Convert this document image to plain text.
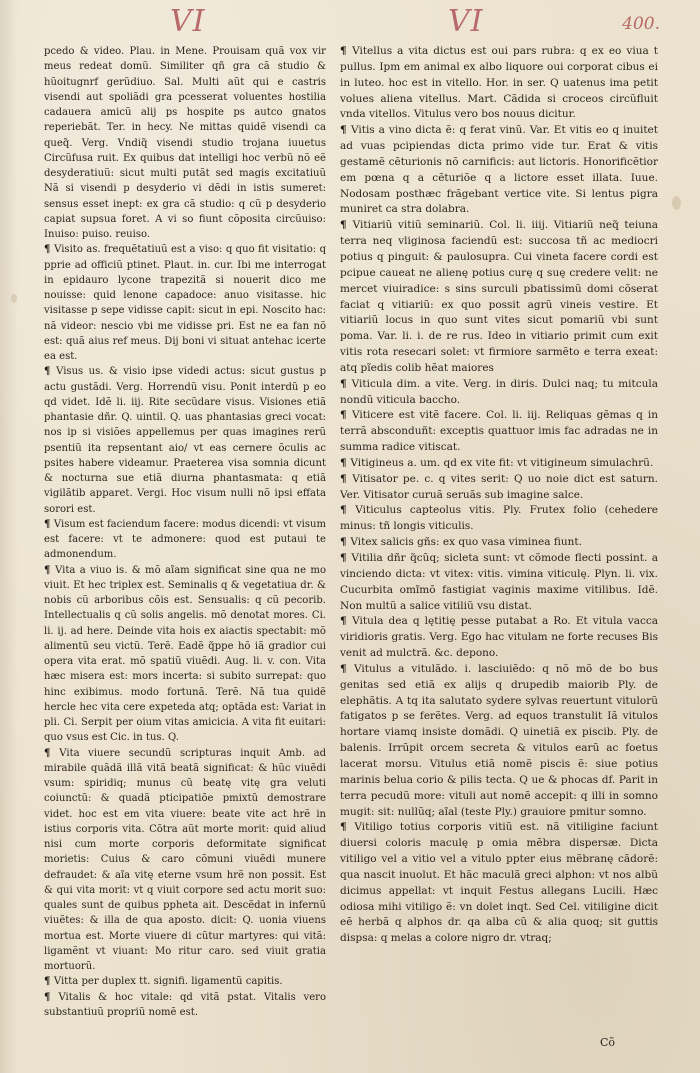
VI	VI	400.

pcedo & video. Plau. in Mene. Prouisam quã vox vir meus redeat domũ. Similiter qñ gra cã studio & hũoitugnrf gerũdiuo. Sal. Multi aũt qui e castris visendi aut spoliãdi gra pcesserat voluentes hostilia cadauera amicũ alij ps hospite ps autco gnatos reperiebãt. Ter. in hecy. Ne mittas quidẽ visendi ca queq̃. Verg. Vndiq̃ visendi studio trojana iuuetus Circũfusa ruit. Ex quibus dat intelligi hoc verbũ nõ eẽ desyderatiuũ: sicut multi putãt sed magis excitatiuũ Nã si visendi p desyderio vi dẽdi in istis sumeret: sensus esset inept: ex gra cã studio: q cũ p desyderio capiat supsua foret. A vi so fiunt cõposita circũuiso: Inuiso: puiso. reuiso.

¶ Visito as. frequẽtatiuũ est a viso: q quo fit visitatio: q pprie ad officiũ ptinet. Plaut. in. cur. Ibi me interrogat in epidauro lycone trapezitã si nouerit dico me nouisse: quid lenone capadoce: anuo visitasse. hic visitasse p sepe vidisse capit: sicut in epi. Noscito hac: nã videor: nescio vbi me vidisse pri. Est ne ea fan nõ est: quã aius ref meus. Dij boni vi situat antehac icerte ea est.

¶ Visus us. & visio ipse videdi actus: sicut gustus p actu gustãdi. Verg. Horrendũ visu. Ponit interdũ p eo qd videt. Idẽ li. iij. Rite secũdare visus. Visiones etiã phantasie dñr. Q. uintil. Q. uas phantasias greci vocat: nos ip si visiões appellemus per quas imagines rerũ psentiũ ita repsentant aio/ vt eas cernere õculis ac psites habere videamur. Praeterea visa somnia dicunt & nocturna sue etiã diurna phantasmata: q etiã vigilãtib apparet. Vergi. Hoc visum nulli nõ ipsi effata sorori est.

¶ Visum est faciendum facere: modus dicendi: vt visum est facere: vt te admonere: quod est putaui te admonendum.

¶ Vita a viuo is. & mõ aĩam significat sine qua ne mo viuit. Et hec triplex est. Seminalis q & vegetatiua dr. & nobis cũ arboribus cõis est. Sensualis: q cũ pecorib. Intellectualis q cũ solis angelis. mõ denotat mores. Ci. li. ij. ad here. Deinde vita hois ex aiactis spectabit: mõ alimentũ seu victũ. Terẽ. Eadẽ q̃ppe hõ iã gradior cui opera vita erat. mõ spatiũ viuẽdi. Aug. li. v. con. Vita hæc misera est: mors incerta: si subito surrepat: quo hinc exibimus. modo fortunã. Terẽ. Nã tua quidẽ hercle hec vita cere expeteda atq; optãda est: Variat in pli. Ci. Serpit per oium vitas amicicia. A vita fit euitari: quo vsus est Cic. in tus. Q.

¶ Vita viuere secundũ scripturas inquit Amb. ad mirabile quãdã illã vitã beatã significat: & hũc viuẽdi vsum: spiridiq; munus cũ beatę vitę gra veluti coiunctũ: & quadã pticipatiõe pmixtũ demostrare videt. hoc est em vita viuere: beate vite act hrẽ in istius corporis vita. Cõtra aũt morte morit: quid aliud nisi cum morte corporis deformitate significat morietis: Cuius & caro cõmuni viuẽdi munere defraudet: & aĩa vitę eterne vsum hrẽ non possit. Est & qui vita morit: vt q viuit corpore sed actu morit suo: quales sunt de quibus ppheta ait. Descẽdat in infernũ viuẽtes: & illa de qua aposto. dicit: Q. uonia viuens mortua est. Morte viuere di cũtur martyres: qui vitã: ligamẽnt vt viuant: Mo ritur caro. sed viuit gratia mortuorũ.

¶ Vitta per duplex tt. signifi. ligamentũ capitis.

¶ Vitalis & hoc vitale: qd vitã pstat. Vitalis vero substantiuũ propriũ nomẽ est.

¶ Vitellus a vita dictus est oui pars rubra: q ex eo viua t pullus. Ipm em animal ex albo liquore oui corporat cibus ei in luteo. hoc est in vitello. Hor. in ser. Q uatenus ima petit volues aliena vitellus. Mart. Cãdida si croceos circũfluit vnda vitellos. Vitulus vero bos nouus dicitur.

¶ Vitis a vino dicta ẽ: q ferat vinũ. Var. Et vitis eo q inuitet ad vuas pcipiendas dicta primo vide tur. Erat & vitis gestamẽ cẽturionis nõ carnificis: aut lictoris. Honorificẽtior em pœna q a cẽturiõe q a lictore esset illata. Iuue. Nodosam posthæc frãgebant vertice vite. Si lentus pigra muniret ca stra dolabra.

¶ Vitiariũ vitiũ seminariũ. Col. li. iiij. Vitiariũ neq̃ teiuna terra neq vliginosa faciendũ est: succosa tñ ac mediocri potius q pinguit: & paulosupra. Cui vineta facere cordi est pcipue caueat ne alienę potius curę q suę credere velit: ne mercet viuiradice: s sins surculi pbatissimũ domi cõserat faciat q vitiariũ: ex quo possit agrũ vineis vestire. Et vitiariũ locus in quo sunt vites sicut pomariũ vbi sunt poma. Var. li. i. de re rus. Ideo in vitiario primit cum exit vitis rota resecari solet: vt firmiore sarmẽto e terra exeat: atq pĩedis colib hẽat maiores

¶ Viticula dim. a vite. Verg. in diris. Dulci naq; tu mitcula nondũ viticula baccho.

¶ Viticere est vitẽ facere. Col. li. iij. Reliquas gẽmas q in terrã absconduñt: exceptis quattuor imis fac adradas ne in summa radice vitiscat.

¶ Vitigineus a. um. qd ex vite fit: vt vitigineum simulachrũ.

¶ Vitisator pe. c. q vites serit: Q uo noie dict est saturn. Ver. Vitisator curuã seruãs sub imagine salce.

¶ Viticulus capteolus vitis. Ply. Frutex folio (cehedere minus: tñ longis viticulis.

¶ Vitex salicis gñs: ex quo vasa viminea fiunt.

¶ Vitilia dñr q̃cũq; sicleta sunt: vt cõmode flecti possint. a vinciendo dicta: vt vitex: vitis. vimina viticulę. Plyn. li. vix. Cucurbita omĩmõ fastigiat vaginis maxime vitilibus. Idẽ. Non multũ a salice vitiliũ vsu distat.

¶ Vitula dea q lętitię pesse putabat a Ro. Et vitula vacca viridioris gratis. Verg. Ego hac vitulam ne forte recuses Bis venit ad mulctrã. &c. depono.

¶ Vitulus a vitulãdo. i. lasciuiẽdo: q nõ mõ de bo bus genitas sed etiã ex alijs q drupedib maiorib Ply. de elephãtis. A tq ita salutato sydere sylvas reuertunt vitulorũ fatigatos p se ferẽtes. Verg. ad equos transtulit Iã vitulos hortare viamq insiste domãdi. Q uinetiã ex piscib. Ply. de balenis. Irrũpit orcem secreta & vitulos earũ ac foetus lacerat morsu. Vitulus etiã nomẽ piscis ẽ: siue potius marinis belua corio & pilis tecta. Q ue & phocas df. Parit in terra pecudũ more: vituli aut nomẽ accepit: q illi in somno mugit: sit: nullũq; aĩal (teste Ply.) grauiore pmitur somno.

¶ Vitiligo totius corporis vitiũ est. nã vitiligine faciunt diuersi coloris maculę p omia mẽbra dispersæ. Dicta vitiligo vel a vitio vel a vitulo ppter eius mẽbranę cãdorẽ: qua nascit inuolut. Et hãc maculã greci alphon: vt nos albũ dicimus appellat: vt inquit Festus allegans Lucili. Hæc odiosa mihi vitiligo ẽ: vn dolet inqt. Sed Cel. vitiligine dicit eẽ herbã q alphos dr. qa alba cũ & alia quoq; sit guttis dispsa: q melas a colore nigro dr. vtraq;

Cõ
